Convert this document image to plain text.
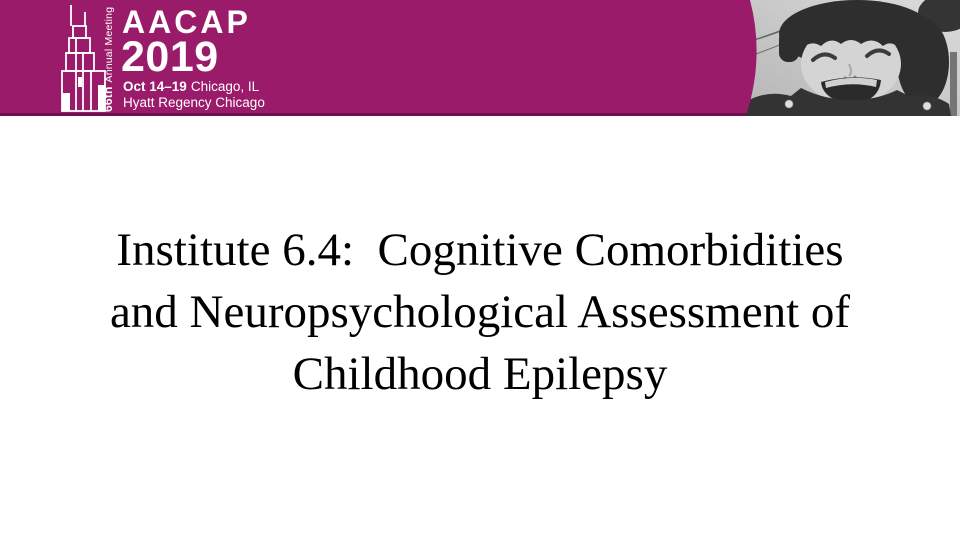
66th
Annual Meeting AACAP
2019
Oct 14–19 Chicago, IL
Hyatt Regency Chicago
Institute 6.4:  Cognitive Comorbidities
and Neuropsychological Assessment of
Childhood Epilepsy
